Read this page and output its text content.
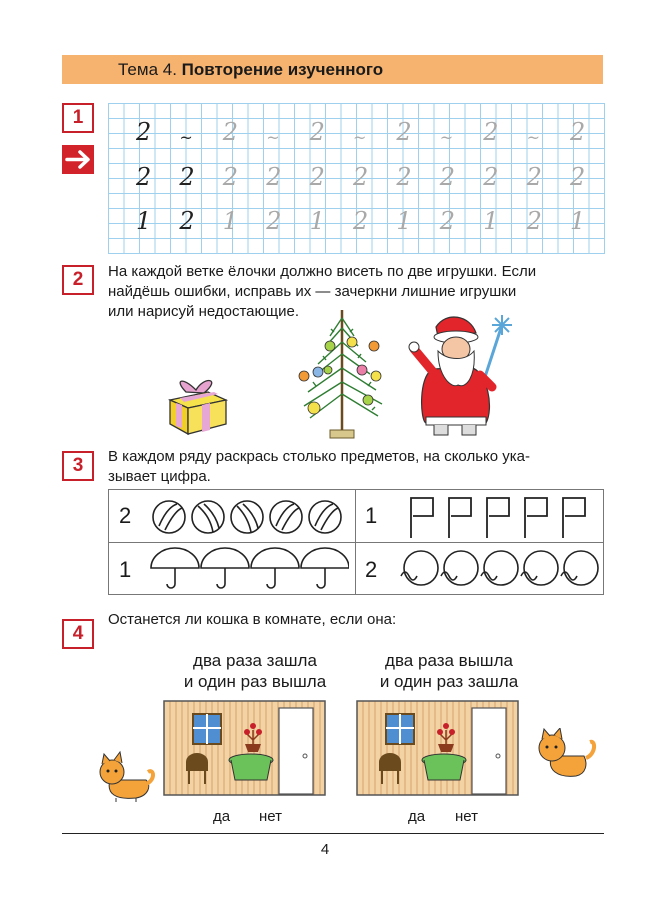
Тема 4. Повторение изученного
1
2 ~ 2 ~ 2 ~ 2 ~ 2 ~ 2
2 2 2 2 2 2 2 2 2 2 2
1 2 1 2 1 2 1 2 1 2 1
2	На каждой ветке ёлочки должно висеть по две игрушки. Если
найдёшь ошибки, исправь их — зачеркни лишние игрушки
или нарисуй недостающие.
3	В каждом ряду раскрась столько предметов, на сколько ука-
зывает цифра.
2	1
1	2
4
Останется ли кошка в комнате, если она:
два раза зашла
и один раз вышла
два раза вышла
и один раз зашла
да нет	да нет
4
